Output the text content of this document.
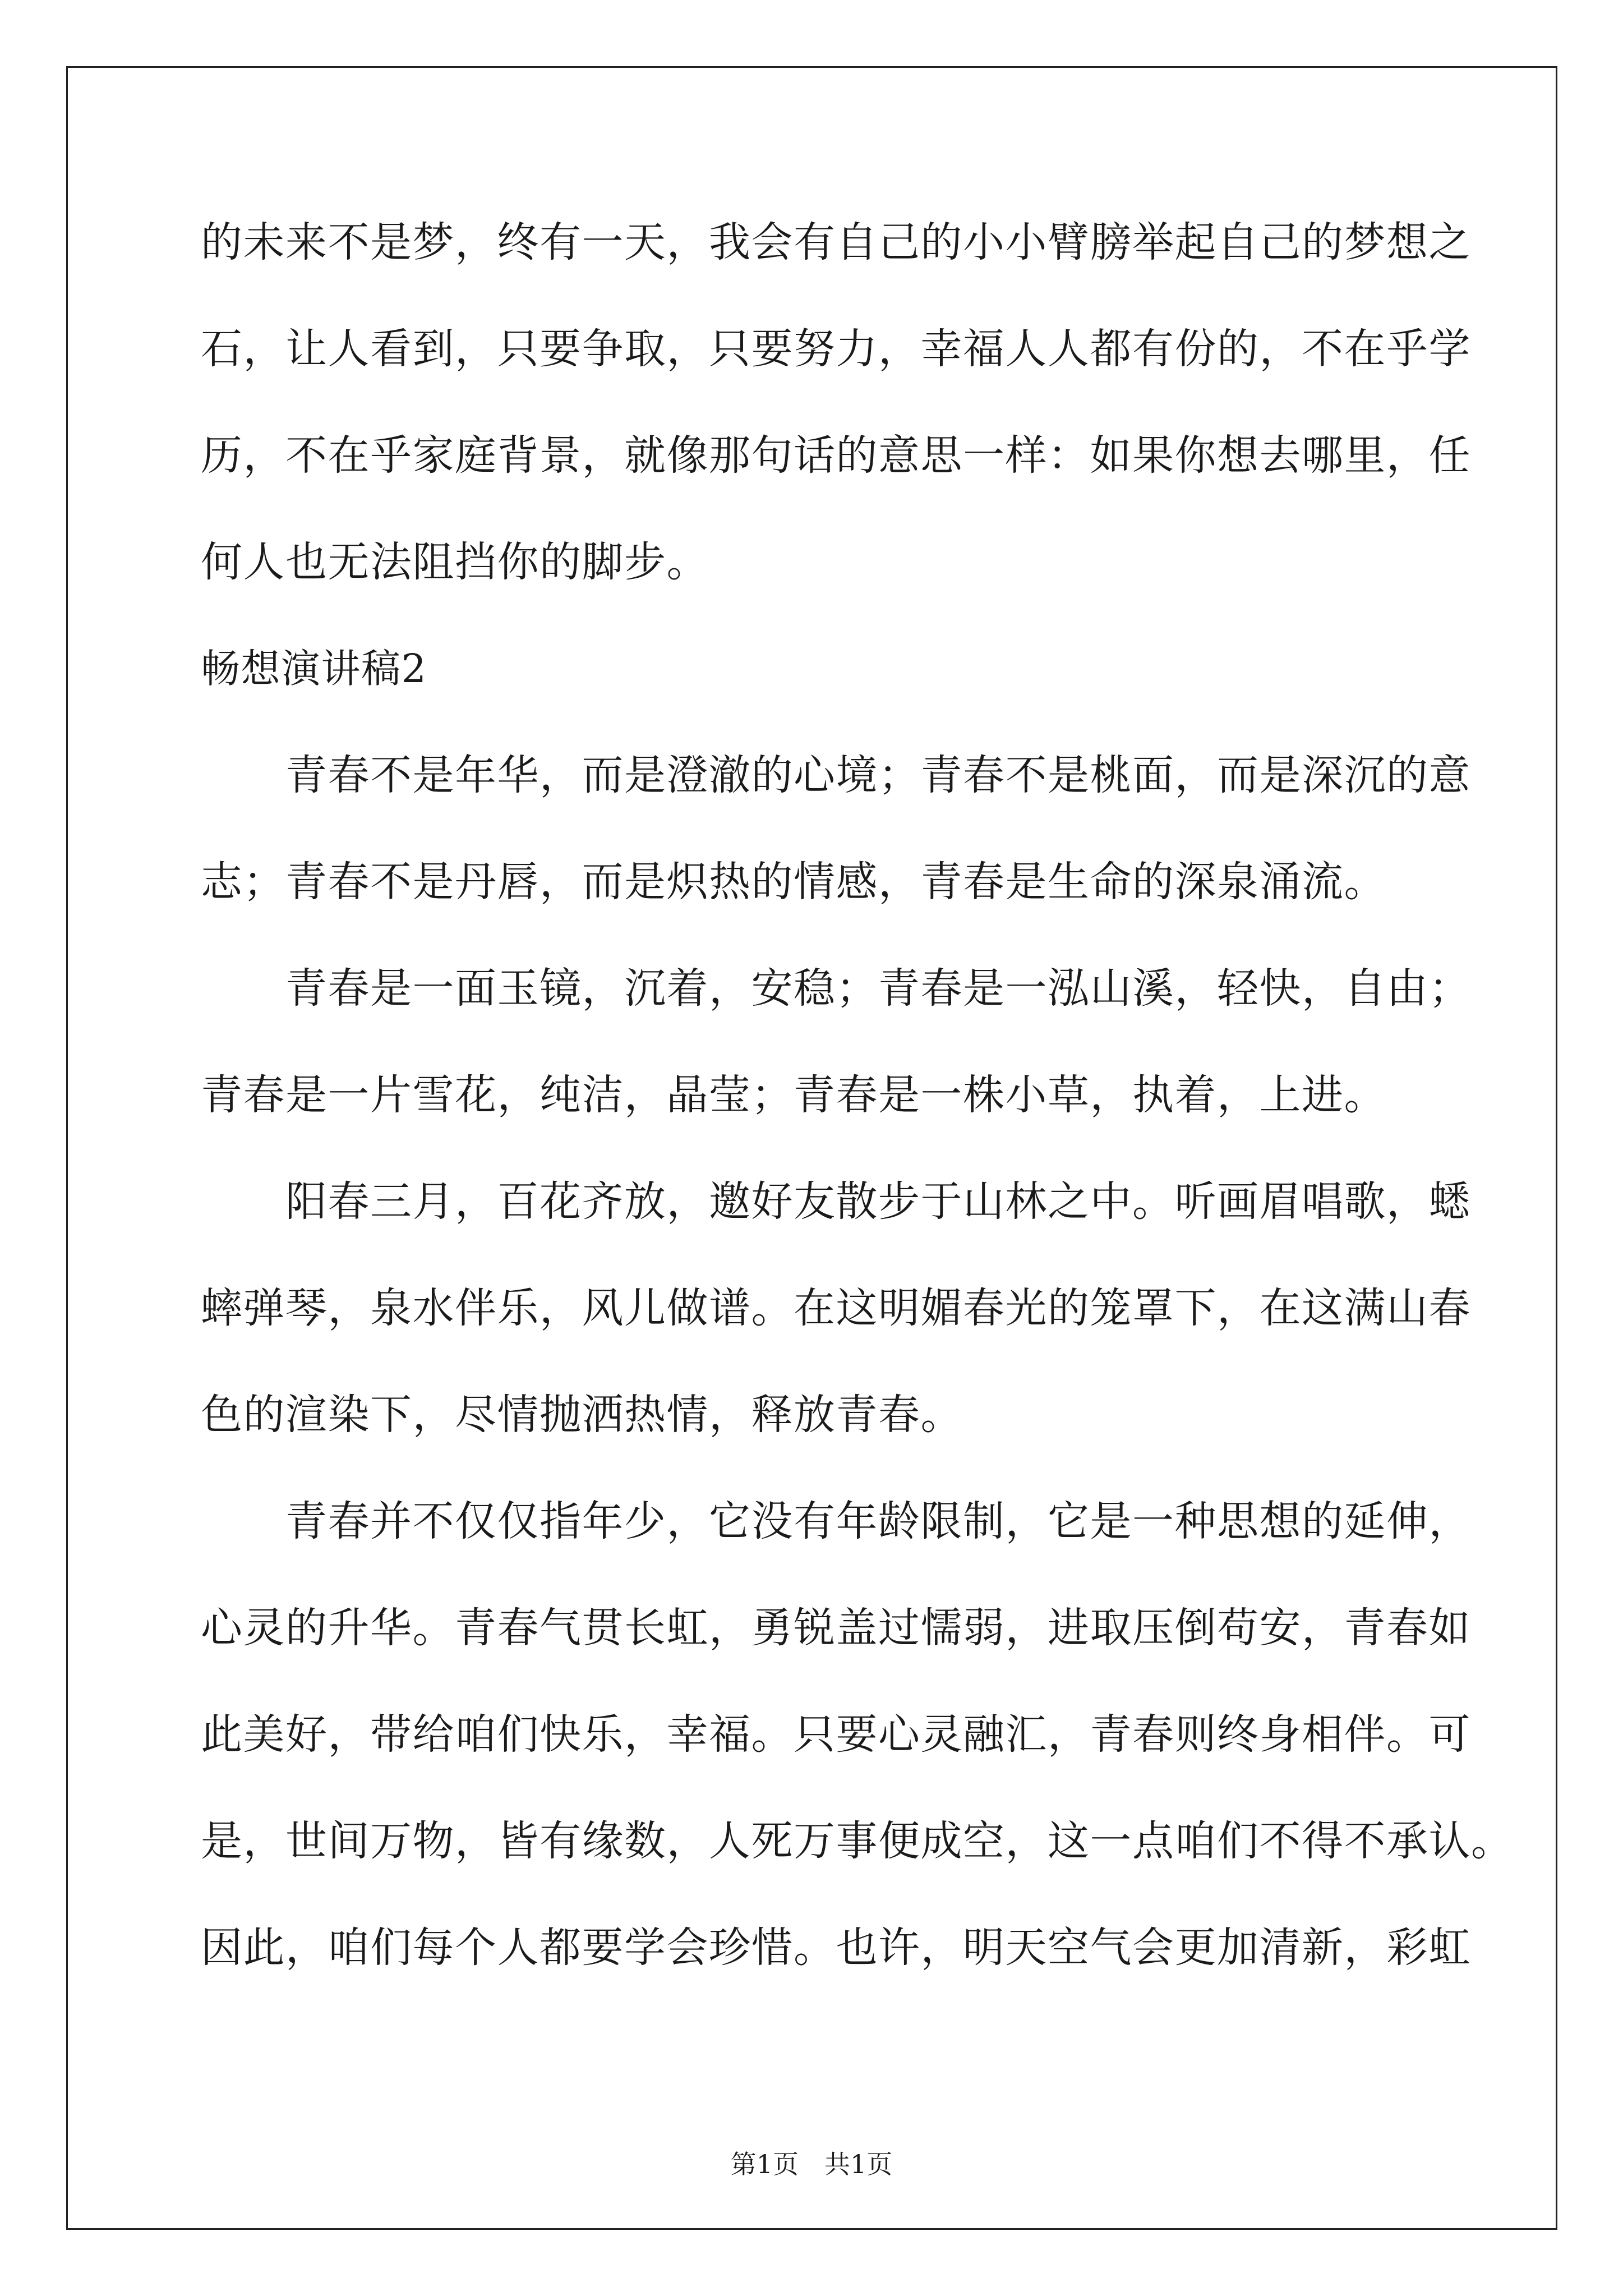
的未来不是梦，终有一天，我会有自己的小小臂膀举起自己的梦想之
石，让人看到，只要争取，只要努力，幸福人人都有份的，不在乎学
历，不在乎家庭背景，就像那句话的意思一样：如果你想去哪里，任
何人也无法阻挡你的脚步。
畅想演讲稿2
　　青春不是年华，而是澄澈的心境；青春不是桃面，而是深沉的意
志；青春不是丹唇，而是炽热的情感，青春是生命的深泉涌流。
　　青春是一面玉镜，沉着，安稳；青春是一泓山溪，轻快，自由；
青春是一片雪花，纯洁，晶莹；青春是一株小草，执着，上进。
　　阳春三月，百花齐放，邀好友散步于山林之中。听画眉唱歌，蟋
蟀弹琴，泉水伴乐，风儿做谱。在这明媚春光的笼罩下，在这满山春
色的渲染下，尽情抛洒热情，释放青春。
　　青春并不仅仅指年少，它没有年龄限制，它是一种思想的延伸，
心灵的升华。青春气贯长虹，勇锐盖过懦弱，进取压倒苟安，青春如
此美好，带给咱们快乐，幸福。只要心灵融汇，青春则终身相伴。可
是，世间万物，皆有缘数，人死万事便成空，这一点咱们不得不承认。
因此，咱们每个人都要学会珍惜。也许，明天空气会更加清新，彩虹
第1页　共1页
